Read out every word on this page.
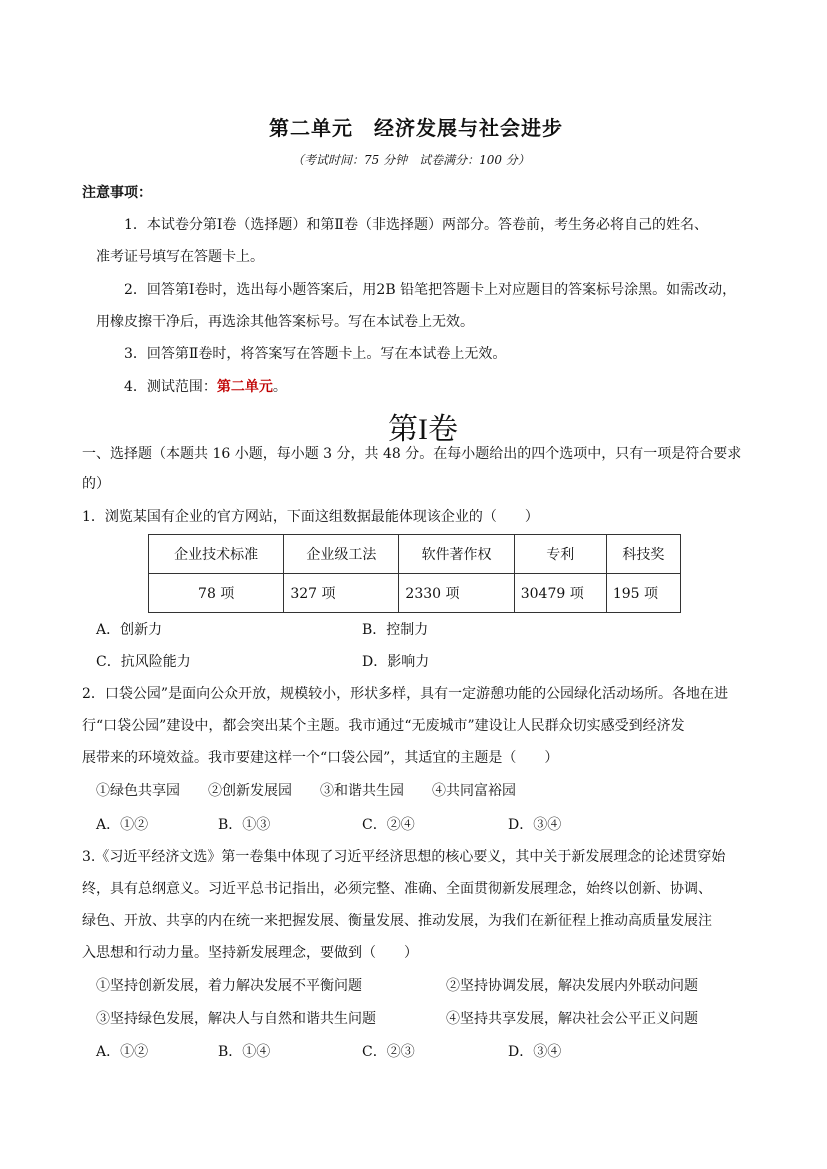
第二单元　经济发展与社会进步
（考试时间：75 分钟　试卷满分：100 分）
注意事项：
1．本试卷分第Ⅰ卷（选择题）和第Ⅱ卷（非选择题）两部分。答卷前，考生务必将自己的姓名、
准考证号填写在答题卡上。
2．回答第Ⅰ卷时，选出每小题答案后，用2B 铅笔把答题卡上对应题目的答案标号涂黑。如需改动，
用橡皮擦干净后，再选涂其他答案标号。写在本试卷上无效。
3．回答第Ⅱ卷时，将答案写在答题卡上。写在本试卷上无效。
4．测试范围：第二单元。
第I卷
一、选择题（本题共 16 小题，每小题 3 分，共 48 分。在每小题给出的四个选项中，只有一项是符合要求
的）
1．浏览某国有企业的官方网站，下面这组数据最能体现该企业的（　　）
企业技术标准	企业级工法	软件著作权	专利	科技奖
78 项	327 项	2330 项	30479 项	195 项
A．创新力	B．控制力
C．抗风险能力	D．影响力
2．口袋公园”是面向公众开放，规模较小，形状多样，具有一定游憩功能的公园绿化活动场所。各地在进
行“口袋公园”建设中，都会突出某个主题。我市通过“无废城市”建设让人民群众切实感受到经济发
展带来的环境效益。我市要建这样一个“口袋公园”，其适宜的主题是（　　）
①绿色共享园　　②创新发展园　　③和谐共生园　　④共同富裕园
A．①②	B．①③	C．②④	D．③④
3.《习近平经济文选》第一卷集中体现了习近平经济思想的核心要义，其中关于新发展理念的论述贯穿始
终，具有总纲意义。习近平总书记指出，必须完整、准确、全面贯彻新发展理念，始终以创新、协调、
绿色、开放、共享的内在统一来把握发展、衡量发展、推动发展，为我们在新征程上推动高质量发展注
入思想和行动力量。坚持新发展理念，要做到（　　）
①坚持创新发展，着力解决发展不平衡问题	②坚持协调发展，解决发展内外联动问题
③坚持绿色发展，解决人与自然和谐共生问题	④坚持共享发展，解决社会公平正义问题
A．①②	B．①④	C．②③	D．③④
